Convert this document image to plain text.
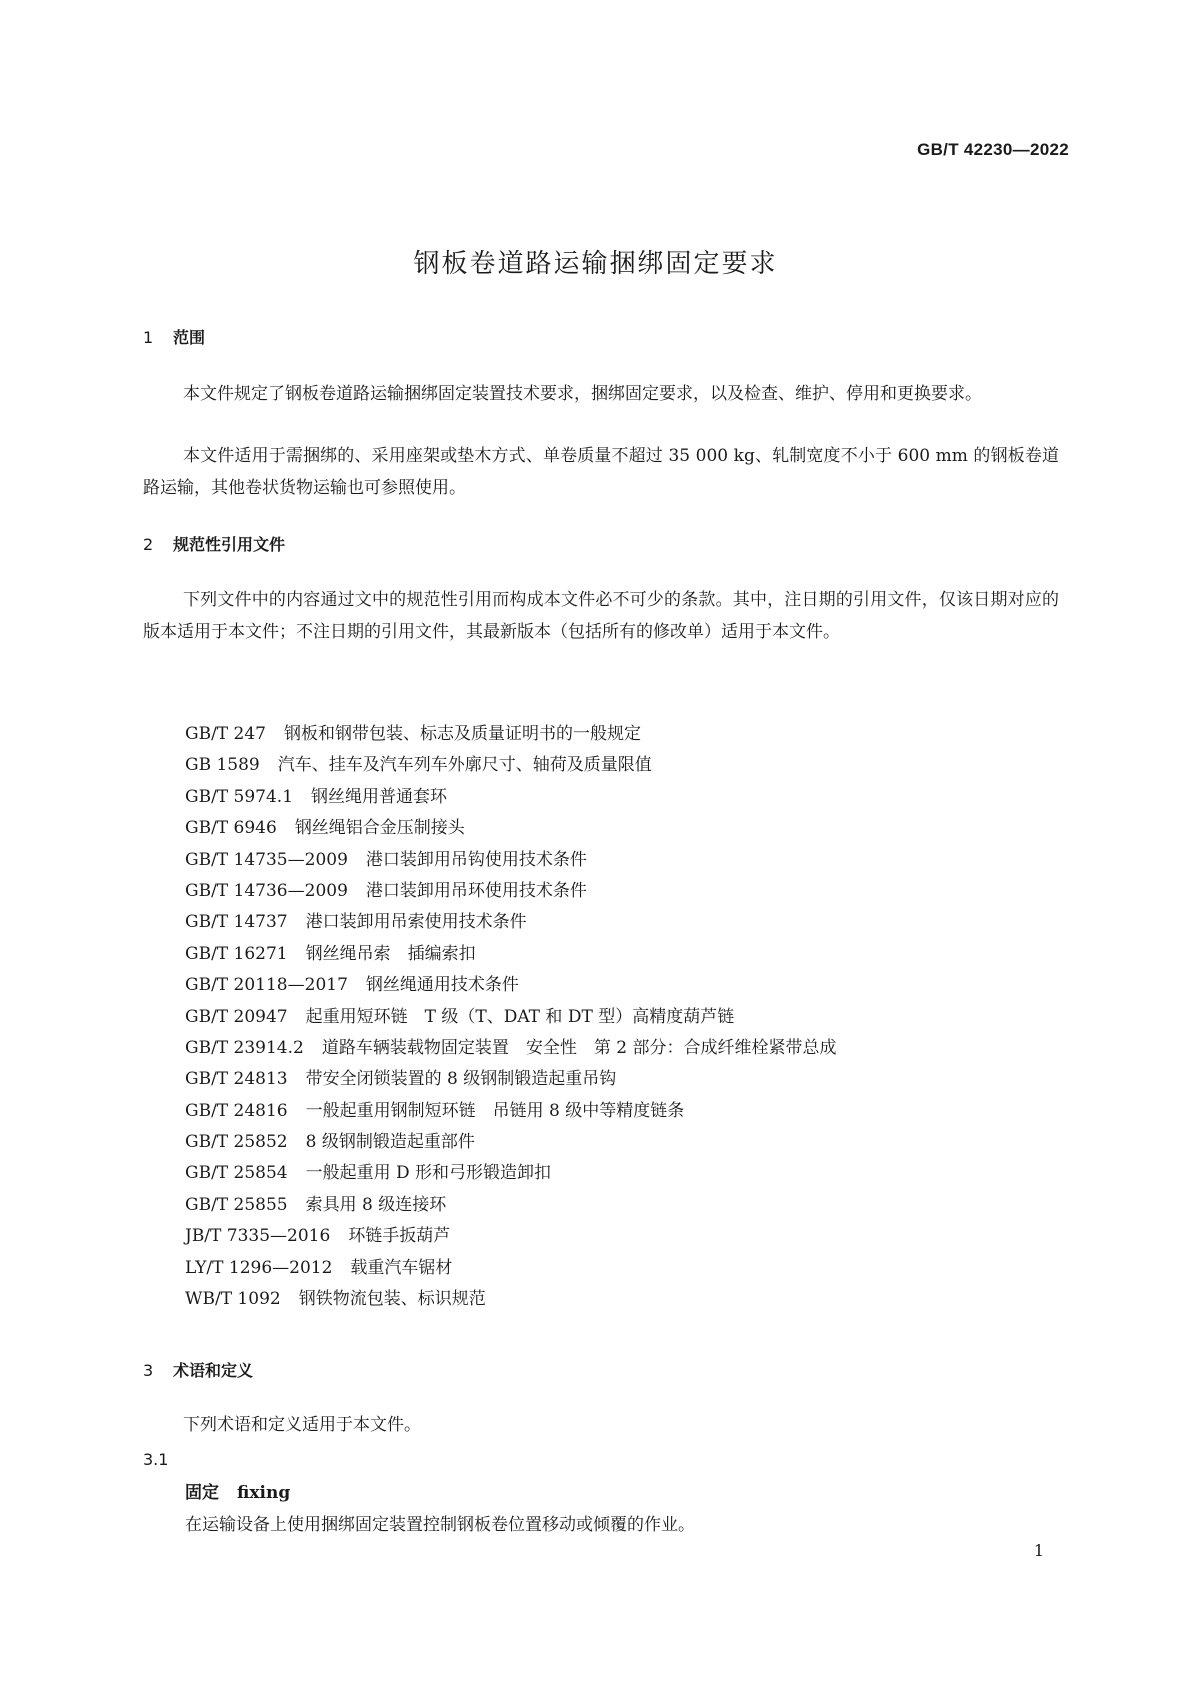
GB/T 42230—2022
钢板卷道路运输捆绑固定要求
1 范围
本文件规定了钢板卷道路运输捆绑固定装置技术要求，捆绑固定要求，以及检查、维护、停用和更换要求。
本文件适用于需捆绑的、采用座架或垫木方式、单卷质量不超过 35 000 kg、轧制宽度不小于 600 mm 的钢板卷道路运输，其他卷状货物运输也可参照使用。
2 规范性引用文件
下列文件中的内容通过文中的规范性引用而构成本文件必不可少的条款。其中，注日期的引用文件，仅该日期对应的版本适用于本文件；不注日期的引用文件，其最新版本（包括所有的修改单）适用于本文件。
GB/T 247 钢板和钢带包装、标志及质量证明书的一般规定
GB 1589 汽车、挂车及汽车列车外廓尺寸、轴荷及质量限值
GB/T 5974.1 钢丝绳用普通套环
GB/T 6946 钢丝绳铝合金压制接头
GB/T 14735—2009 港口装卸用吊钩使用技术条件
GB/T 14736—2009 港口装卸用吊环使用技术条件
GB/T 14737 港口装卸用吊索使用技术条件
GB/T 16271 钢丝绳吊索　插编索扣
GB/T 20118—2017 钢丝绳通用技术条件
GB/T 20947 起重用短环链　T 级（T、DAT 和 DT 型）高精度葫芦链
GB/T 23914.2 道路车辆装载物固定装置　安全性　第 2 部分：合成纤维栓紧带总成
GB/T 24813 带安全闭锁装置的 8 级钢制锻造起重吊钩
GB/T 24816 一般起重用钢制短环链　吊链用 8 级中等精度链条
GB/T 25852 8 级钢制锻造起重部件
GB/T 25854 一般起重用 D 形和弓形锻造卸扣
GB/T 25855 索具用 8 级连接环
JB/T 7335—2016 环链手扳葫芦
LY/T 1296—2012 载重汽车锯材
WB/T 1092 钢铁物流包装、标识规范
3 术语和定义
下列术语和定义适用于本文件。
3.1
固定 fixing
在运输设备上使用捆绑固定装置控制钢板卷位置移动或倾覆的作业。
1
